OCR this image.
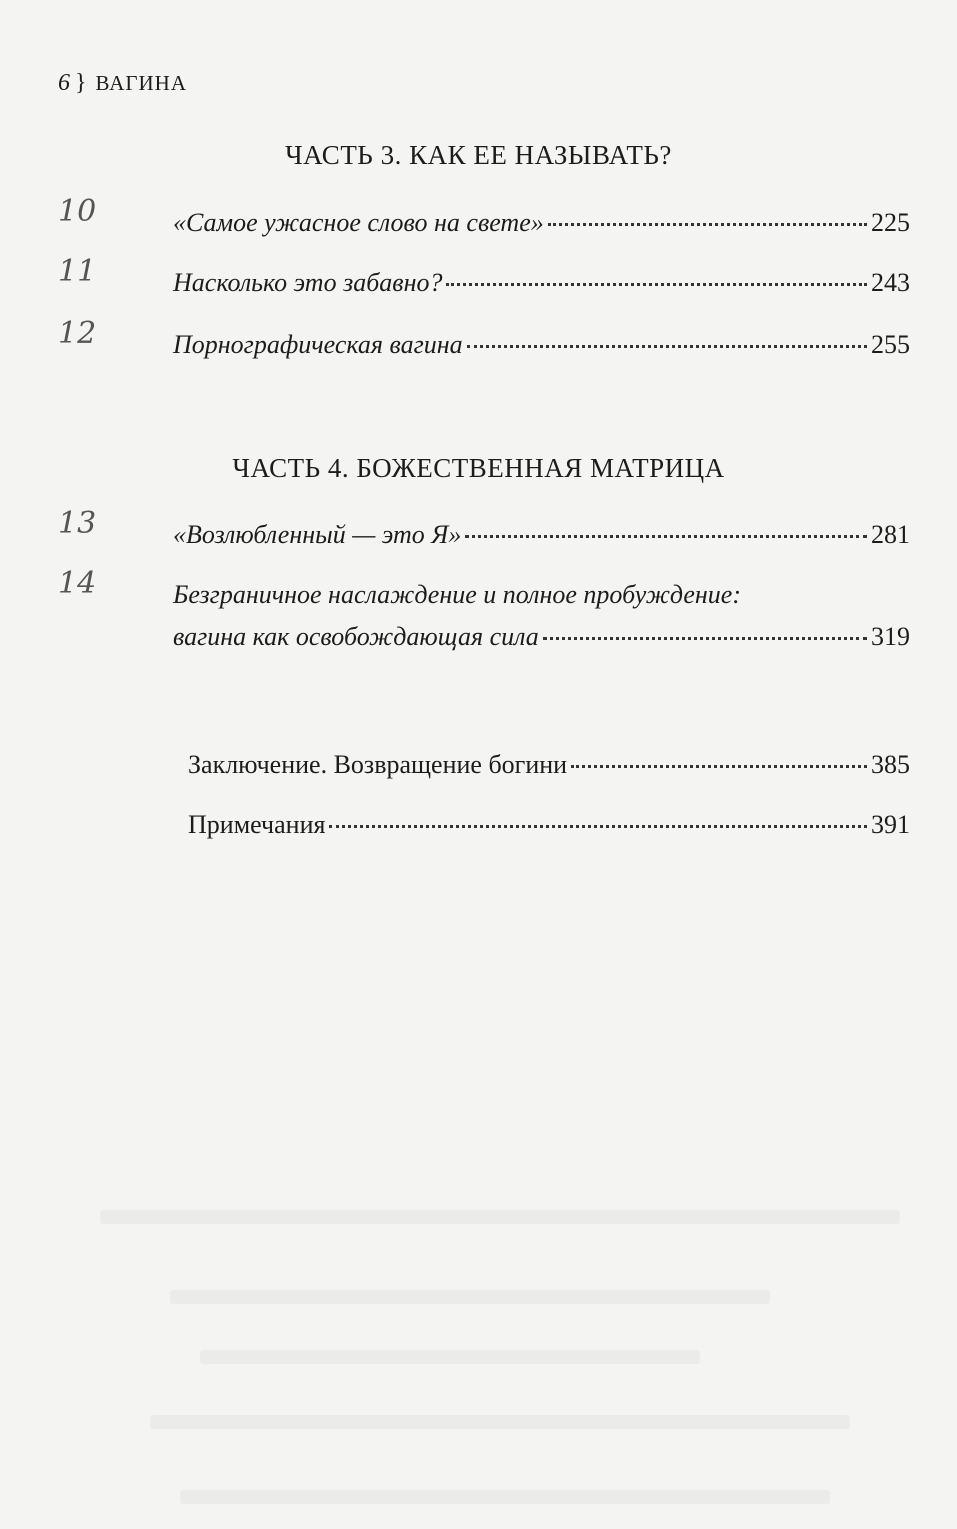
6 } ВАГИНА
ЧАСТЬ 3. КАК ЕЕ НАЗЫВАТЬ?
10	«Самое ужасное слово на свете»	225
11	Насколько это забавно?	243
12	Порнографическая вагина	255
ЧАСТЬ 4. БОЖЕСТВЕННАЯ МАТРИЦА
13	«Возлюбленный — это Я»	281
14	Безграничное наслаждение и полное пробуждение:
вагина как освобождающая сила	319
Заключение. Возвращение богини	385
Примечания	391
